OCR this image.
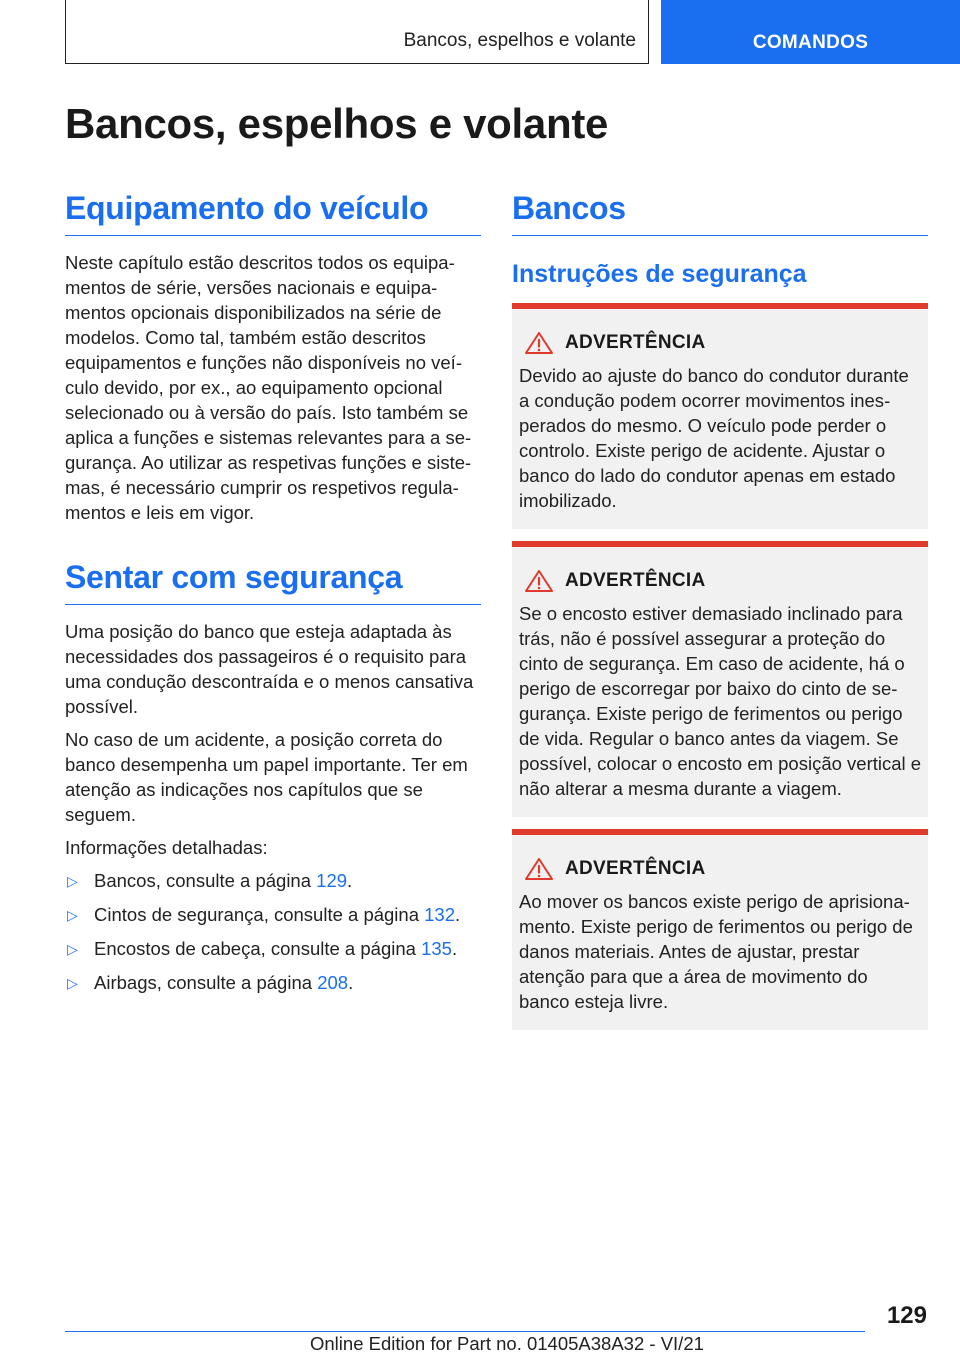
Bancos, espelhos e volante	COMANDOS
Bancos, espelhos e volante
Equipamento do veículo

Neste capítulo estão descritos todos os equipamentos de série, versões nacionais e equipamentos opcionais disponibilizados na série de modelos. Como tal, também estão descritos equipamentos e funções não disponíveis no veículo devido, por ex., ao equipamento opcional selecionado ou à versão do país. Isto também se aplica a funções e sistemas relevantes para a segurança. Ao utilizar as respetivas funções e sistemas, é necessário cumprir os respetivos regulamentos e leis em vigor.

Sentar com segurança

Uma posição do banco que esteja adaptada às necessidades dos passageiros é o requisito para uma condução descontraída e o menos cansativa possível.

No caso de um acidente, a posição correta do banco desempenha um papel importante. Ter em atenção as indicações nos capítulos que se seguem.

Informações detalhadas:

▷ Bancos, consulte a página 129.
▷ Cintos de segurança, consulte a página 132.
▷ Encostos de cabeça, consulte a página 135.
▷ Airbags, consulte a página 208.
Bancos
Instruções de segurança
ADVERTÊNCIA

Devido ao ajuste do banco do condutor durante a condução podem ocorrer movimentos inesperados do mesmo. O veículo pode perder o controlo. Existe perigo de acidente. Ajustar o banco do lado do condutor apenas em estado imobilizado.

ADVERTÊNCIA

Se o encosto estiver demasiado inclinado para trás, não é possível assegurar a proteção do cinto de segurança. Em caso de acidente, há o perigo de escorregar por baixo do cinto de segurança. Existe perigo de ferimentos ou perigo de vida. Regular o banco antes da viagem. Se possível, colocar o encosto em posição vertical e não alterar a mesma durante a viagem.

ADVERTÊNCIA

Ao mover os bancos existe perigo de aprisionamento. Existe perigo de ferimentos ou perigo de danos materiais. Antes de ajustar, prestar atenção para que a área de movimento do banco esteja livre.

129
Online Edition for Part no. 01405A38A32 - VI/21
